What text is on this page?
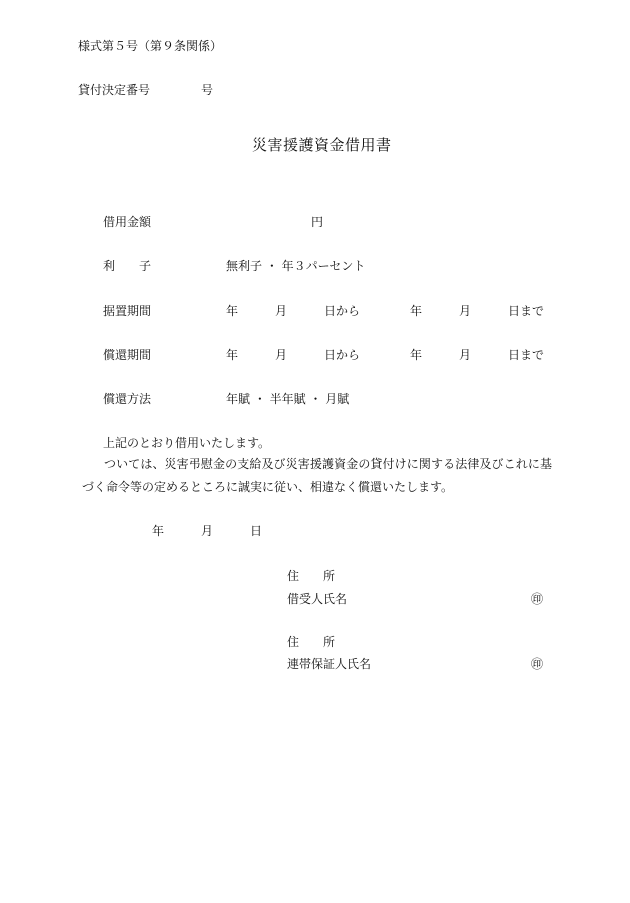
様式第５号（第９条関係）
貸付決定番号	号
災害援護資金借用書
借用金額	円
利　　子	無利子 ・ 年３パーセント
据置期間	年	月	日から	年	月	日まで
償還期間	年	月	日から	年	月	日まで
償還方法	年賦 ・ 半年賦 ・ 月賦
上記のとおり借用いたします。
ついては、災害弔慰金の支給及び災害援護資金の貸付けに関する法律及びこれに基づく命令等の定めるところに誠実に従い、相違なく償還いたします。
年	月	日
住　　所
借受人氏名	㊞
住　　所
連帯保証人氏名	㊞
